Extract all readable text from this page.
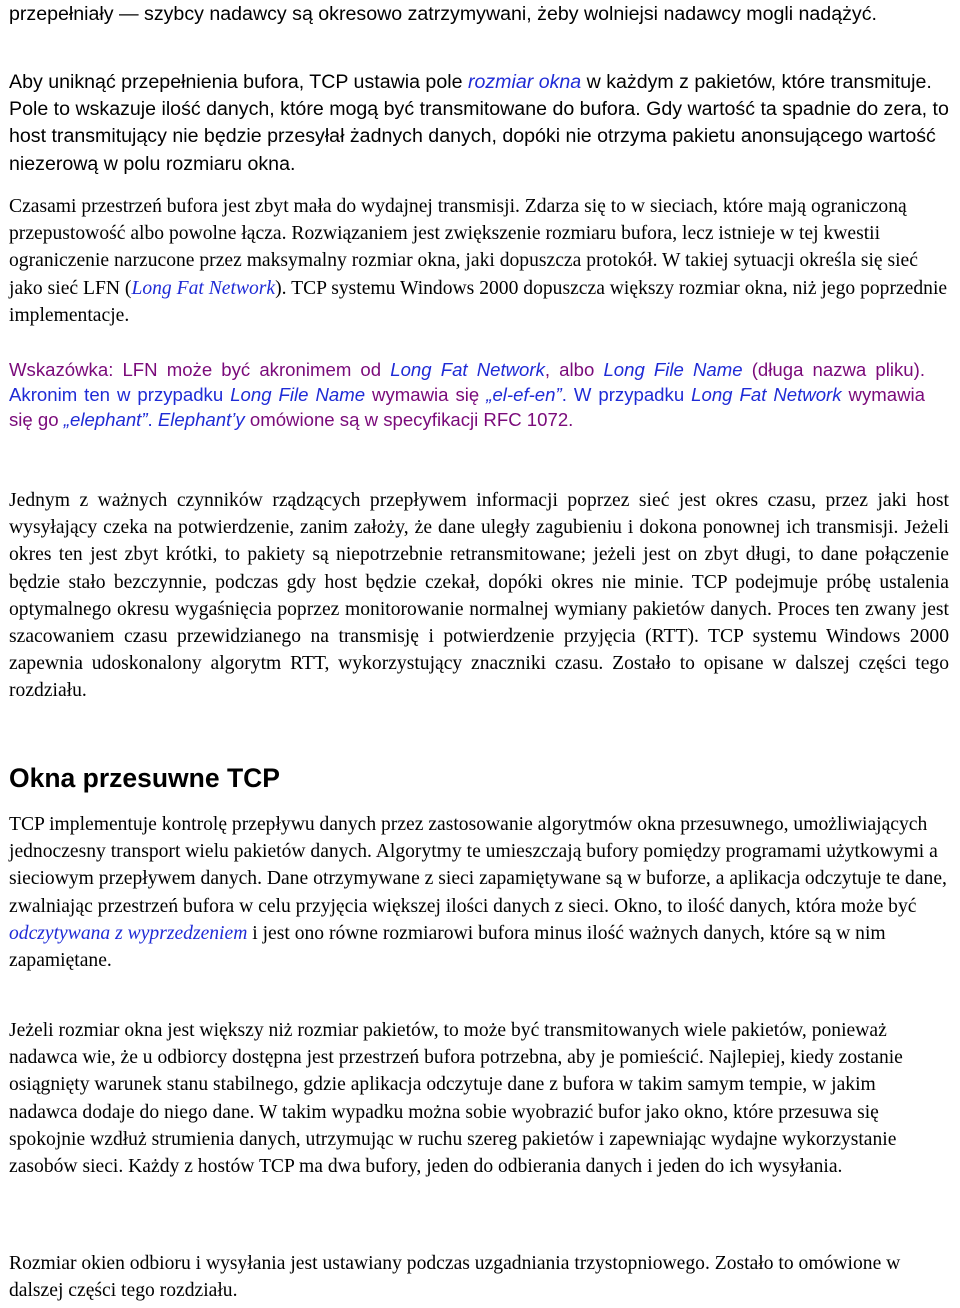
przepełniały — szybcy nadawcy są okresowo zatrzymywani, żeby wolniejsi nadawcy mogli nadążyć.

Aby uniknąć przepełnienia bufora, TCP ustawia pole rozmiar okna w każdym z pakietów, które transmituje. Pole to wskazuje ilość danych, które mogą być transmitowane do bufora. Gdy wartość ta spadnie do zera, to host transmitujący nie będzie przesyłał żadnych danych, dopóki nie otrzyma pakietu anonsującego wartość niezerową w polu rozmiaru okna.

Czasami przestrzeń bufora jest zbyt mała do wydajnej transmisji. Zdarza się to w sieciach, które mają ograniczoną przepustowość albo powolne łącza. Rozwiązaniem jest zwiększenie rozmiaru bufora, lecz istnieje w tej kwestii ograniczenie narzucone przez maksymalny rozmiar okna, jaki dopuszcza protokół. W takiej sytuacji określa się sieć jako sieć LFN (Long Fat Network). TCP systemu Windows 2000 dopuszcza większy rozmiar okna, niż jego poprzednie implementacje.

Wskazówka: LFN może być akronimem od Long Fat Network, albo Long File Name (długa nazwa pliku). Akronim ten w przypadku Long File Name wymawia się „el-ef-en”. W przypadku Long Fat Network wymawia się go „elephant”. Elephant’y omówione są w specyfikacji RFC 1072.

Jednym z ważnych czynników rządzących przepływem informacji poprzez sieć jest okres czasu, przez jaki host wysyłający czeka na potwierdzenie, zanim założy, że dane uległy zagubieniu i dokona ponownej ich transmisji. Jeżeli okres ten jest zbyt krótki, to pakiety są niepotrzebnie retransmitowane; jeżeli jest on zbyt długi, to dane połączenie będzie stało bezczynnie, podczas gdy host będzie czekał, dopóki okres nie minie. TCP podejmuje próbę ustalenia optymalnego okresu wygaśnięcia poprzez monitorowanie normalnej wymiany pakietów danych. Proces ten zwany jest szacowaniem czasu przewidzianego na transmisję i potwierdzenie przyjęcia (RTT). TCP systemu Windows 2000 zapewnia udoskonalony algorytm RTT, wykorzystujący znaczniki czasu. Zostało to opisane w dalszej części tego rozdziału.

Okna przesuwne TCP

TCP implementuje kontrolę przepływu danych przez zastosowanie algorytmów okna przesuwnego, umożliwiających jednoczesny transport wielu pakietów danych. Algorytmy te umieszczają bufory pomiędzy programami użytkowymi a sieciowym przepływem danych. Dane otrzymywane z sieci zapamiętywane są w buforze, a aplikacja odczytuje te dane, zwalniając przestrzeń bufora w celu przyjęcia większej ilości danych z sieci. Okno, to ilość danych, która może być odczytywana z wyprzedzeniem i jest ono równe rozmiarowi bufora minus ilość ważnych danych, które są w nim zapamiętane.

Jeżeli rozmiar okna jest większy niż rozmiar pakietów, to może być transmitowanych wiele pakietów, ponieważ nadawca wie, że u odbiorcy dostępna jest przestrzeń bufora potrzebna, aby je pomieścić. Najlepiej, kiedy zostanie osiągnięty warunek stanu stabilnego, gdzie aplikacja odczytuje dane z bufora w takim samym tempie, w jakim nadawca dodaje do niego dane. W takim wypadku można sobie wyobrazić bufor jako okno, które przesuwa się spokojnie wzdłuż strumienia danych, utrzymując w ruchu szereg pakietów i zapewniając wydajne wykorzystanie zasobów sieci. Każdy z hostów TCP ma dwa bufory, jeden do odbierania danych i jeden do ich wysyłania.

Rozmiar okien odbioru i wysyłania jest ustawiany podczas uzgadniania trzystopniowego. Zostało to omówione w dalszej części tego rozdziału.
